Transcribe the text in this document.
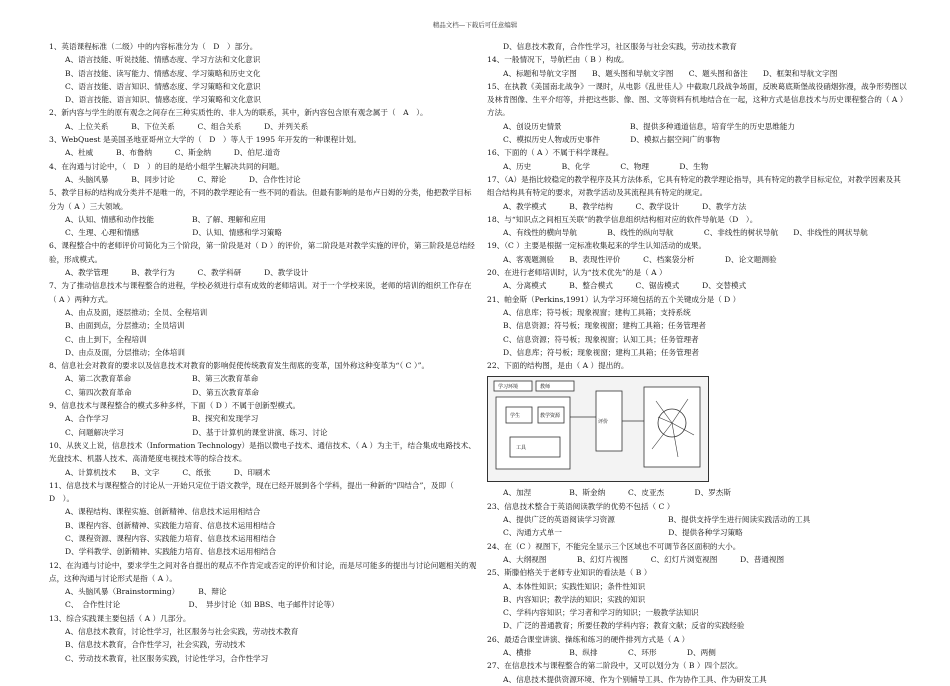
精品文档—下载后可任意编辑
1、英语课程标准（二级）中的内容标准分为（　D　）部分。
A、语言技能、听说技能、情感态度、学习方法和文化意识
B、语言技能、读写能力、情感态度、学习策略和历史文化
C、语言技能、语言知识、情感态度、学习策略和文化意识
D、语言技能、语言知识、情感态度、学习策略和文化意识
2、新内容与学生的原有观念之间存在三种实质性的、非人为的联系，其中，新内容包含原有观念属于（　A　）。
A、上位关系　　　B、下位关系　　　C、组合关系　　　D、并列关系
3、WebQuest 是美国圣地亚哥州立大学的（　D　）等人于 1995 年开发的一种课程计划。
A、杜威　　　B、布鲁纳　　　C、斯金纳　　　D、伯尼.道奇
4、在沟通与讨论中，（　D　）的目的是给小组学生解决共同的问题。
A、头脑风暴　　　B、同步讨论　　　C、辩论　　　D、合作性讨论
5、教学目标的结构成分类并不是唯一的，不同的教学理论有一些不同的看法。但最有影响的是布卢日姆的分类，他把教学目标分为（ A ）三大领域。
A、认知、情感和动作技能　　　　　B、了解、理解和应用
C、生理、心理和情感　　　　　　　D、认知、情感和学习策略
6、课程整合中的老师评价可简化为三个阶段，第一阶段是对（ D ）的评价，第二阶段是对教学实施的评价，第三阶段是总结经验，形成模式。
A、教学管理　　　B、教学行为　　　C、教学科研　　　D、教学设计
7、为了推动信息技术与课程整合的进程，学校必须进行卓有成效的老师培训。对于一个学校来说，老师的培训的组织工作存在（ A ）两种方式。
A、由点及面，逐层推动；全员、全程培训
B、由面到点，分层推动；全员培训
C、由上到下，全程培训
D、由点及面，分层推动；全体培训
8、信息社会对教育的要求以及信息技术对教育的影响促使传统教育发生彻底的变革，国外称这种变革为“（ C ）”。
A、第二次教育革命　　　　　　　　B、第三次教育革命
C、第四次教育革命　　　　　　　　D、第五次教育革命
9、信息技术与课程整合的模式多种多样，下面（ D ）不属于创新型模式。
A、合作学习　　　　　　　　　　　B、探究和发现学习
C、问题解决学习　　　　　　　　　D、基于计算机的课堂讲演、练习、讨论
10、从狭义上说，信息技术（Information Technology）是指以微电子技术、通信技术、（ A ）为主干，结合集成电路技术、光盘技术、机器人技术、高清楚度电视技术等的综合技术。
A、计算机技术　　B、文字　　　C、纸张　　　D、印刷术
11、信息技术与课程整合的讨论从一开始只定位于语文教学，现在已经开展到各个学科，提出一种新的“四结合”，及即（　D　）。
A、课程结构、课程实施、创新精神、信息技术运用相结合
B、课程内容、创新精神、实践能力培育、信息技术运用相结合
C、课程资源、课程内容、实践能力培育、信息技术运用相结合
D、学科教学、创新精神、实践能力培育、信息技术运用相结合
12、在沟通与讨论中，要求学生之间对各自提出的观点不作肯定或否定的评价和讨论，而是尽可能多的提出与讨论问题相关的观点，这种沟通与讨论形式是指（ A ）。
A、头脑风暴（Brainstorming）　　　B、辩论
C、　合作性讨论　　　　　　　　　D、　异步讨论（如 BBS、电子邮件讨论等）
13、综合实践课主要包括（ A ）几部分。
A、信息技术教育，讨论性学习，社区服务与社会实践，劳动技术教育
B、信息技术教育，合作性学习，社会实践，劳动技术
C、劳动技术教育，社区服务实践，讨论性学习，合作性学习
D、信息技术教育，合作性学习，社区服务与社会实践，劳动技术教育
14、一般情况下，导航栏由（ B ）构成。
A、标题和导航文字图　　B、题头图和导航文字图　　C、题头图和备注　　D、框架和导航文字图
15、在执教《美国南北战争》一课时，从电影《乱世佳人》中截取几段战争场面，反映葛底斯堡战役硝烟弥漫，战争形势图以及林肯图像、生平介绍等，并把这些影、像、图、文等资料有机地结合在一起，这种方式是信息技术与历史课程整合的（ A ）方法。
A、创设历史情景　　　　　　　　　B、提供多种通道信息，培育学生的历史思维能力
C、模拟历史人物或历史事件　　　　D、模拟占据空间广的事物
16、下面的（ A ）不属于科学课程。
A、历史　　　　B、化学　　　　C、物理　　　　D、生物
17、（A）是指比较稳定的教学程序及其方法体系，它具有特定的教学理论指导，具有特定的教学目标定位，对教学因素及其组合结构具有特定的要求，对教学活动及其流程具有特定的规定。
A、教学模式　　　B、教学结构　　　C、教学设计　　　D、教学方法
18、与“知识点之间相互关联”的教学信息组织结构相对应的软件导航是（D　）。
A、有线性的横向导航　　　　B、线性的纵向导航　　　　C、非线性的树状导航　　D、非线性的网状导航
19、（C ）主要是根据一定标准收集起来的学生认知活动的成果。
A、客观题测验　　B、表现性评价　　　C、档案袋分析　　　　D、论文题测验
20、在进行老师培训时，认为“技术优先”的是（ A ）
A、分离模式　　　B、整合模式　　　C、锯齿模式　　　D、交替模式
21、帕金斯（Perkins,1991）认为学习环境包括的五个关键成分是（ D ）
A、信息库；符号板；现象视窗；建构工具箱；支持系统
B、信息资源；符号板；现象视窗；建构工具箱；任务管理者
C、信息资源；符号板；现象视窗；认知工具；任务管理者
D、信息库；符号板；现象视窗；建构工具箱；任务管理者
22、下面的结构图，是由（ A ）提出的。
学习环境	教师
学生	教学资源
评价
工具
A、加涅　　　　　B、斯金纳　　　C、皮亚杰　　　　D、罗杰斯
23、信息技术整合于英语阅读教学的优势不包括（ C ）
A、提供广泛的英语阅读学习资源　　　　　　　B、提供支持学生进行阅读实践活动的工具
C、沟通方式单一　　　　　　　　　　　　　　D、提供各种学习策略
24、在（C ）视图下，不能完全显示三个区域也不可调节各区面积的大小。
A、大纲视图　　　　B、幻灯片视图　　　C、幻灯片浏览视图　　　D、普通视图
25、斯滕伯格关于老师专业知识的看法是（ B ）
A、本体性知识；实践性知识；条件性知识
B、内容知识；教学法的知识；实践的知识
C、学科内容知识；学习者和学习的知识；一般教学法知识
D、广泛的普通教育；所要任教的学科内容；教育文献；反省的实践经验
26、最适合课堂讲演、操练和练习的硬件排列方式是（ A ）
A、横排　　　　　B、纵排　　　　C、环形　　　　D、两侧
27、在信息技术与课程整合的第二阶段中，又可以划分为（ B ）四个层次。
A、信息技术提供资源环境、作为个别辅导工具、作为协作工具、作为研发工具
